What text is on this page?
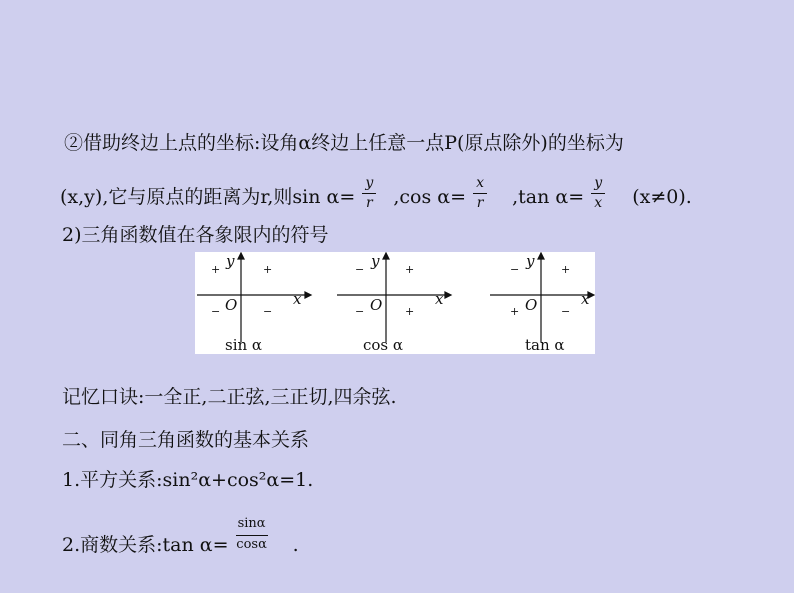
②借助终边上点的坐标:设角α终边上任意一点P(原点除外)的坐标为
(x,y),它与原点的距离为r,则$\sin \alpha= \frac{y}{r} ,\cos$ $\alpha= \frac{x}{r} ,\tan$ $\alpha= \frac{y}{x} (x\ne 0)$.
2)三角函数值在各象限内的符号
y
+	+
O	x
−	−
sin α
y
−	+
O	x
−	+
cos α
y
−	+
O	x
+	−
tan α
记忆口诀:一全正,二正弦,三正切,四余弦.
二、同角三角函数的基本关系
1.平方关系:sin²α+cos²α=1.
2.商数关系:tan $\alpha= \frac{\sin\alpha}{\cos\alpha}$ .
